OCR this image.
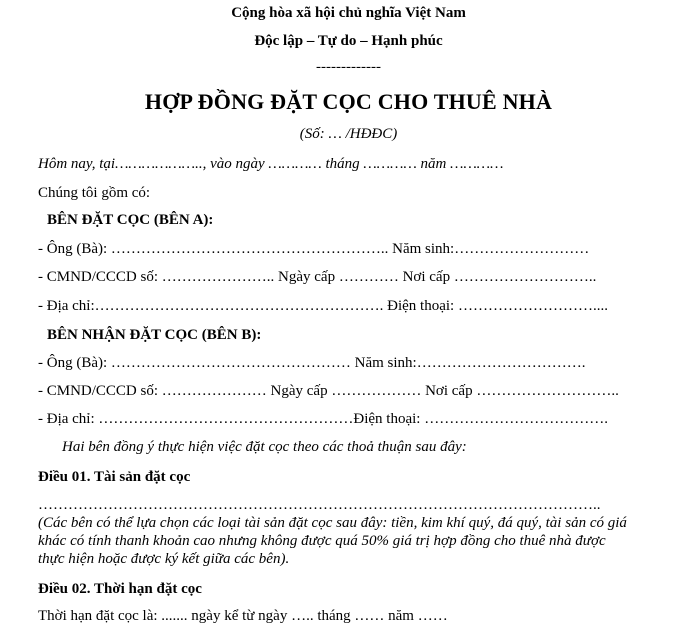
Cộng hòa xã hội chủ nghĩa Việt Nam
Độc lập – Tự do – Hạnh phúc
-------------
HỢP ĐỒNG ĐẶT CỌC CHO THUÊ NHÀ
(Số: … /HĐĐC)
Hôm nay, tại……………….., vào ngày ………… tháng ………… năm …………
Chúng tôi gồm có:
BÊN ĐẶT CỌC (BÊN A):
- Ông (Bà): ……………………………………………….. Năm sinh:………………………
- CMND/CCCD số: ………………….. Ngày cấp ………… Nơi cấp ………………………..
- Địa chỉ:…………………………………………………. Điện thoại: ………………………....
BÊN NHẬN ĐẶT CỌC (BÊN B):
- Ông (Bà): ………………………………………… Năm sinh:…………………………….
- CMND/CCCD số: ………………… Ngày cấp ……………… Nơi cấp ………………………..
- Địa chỉ: ……………………………………………Điện thoại: ……………………………….
Hai bên đồng ý thực hiện việc đặt cọc theo các thoả thuận sau đây:
Điều 01. Tài sản đặt cọc
…………………………………………………………………………………………………..
(Các bên có thể lựa chọn các loại tài sản đặt cọc sau đây: tiền, kim khí quý, đá quý, tài sản có giá
khác có tính thanh khoản cao nhưng không được quá 50% giá trị hợp đồng cho thuê nhà được
thực hiện hoặc được ký kết giữa các bên).
Điều 02. Thời hạn đặt cọc
Thời hạn đặt cọc là: ....... ngày kể từ ngày ….. tháng …… năm ……
